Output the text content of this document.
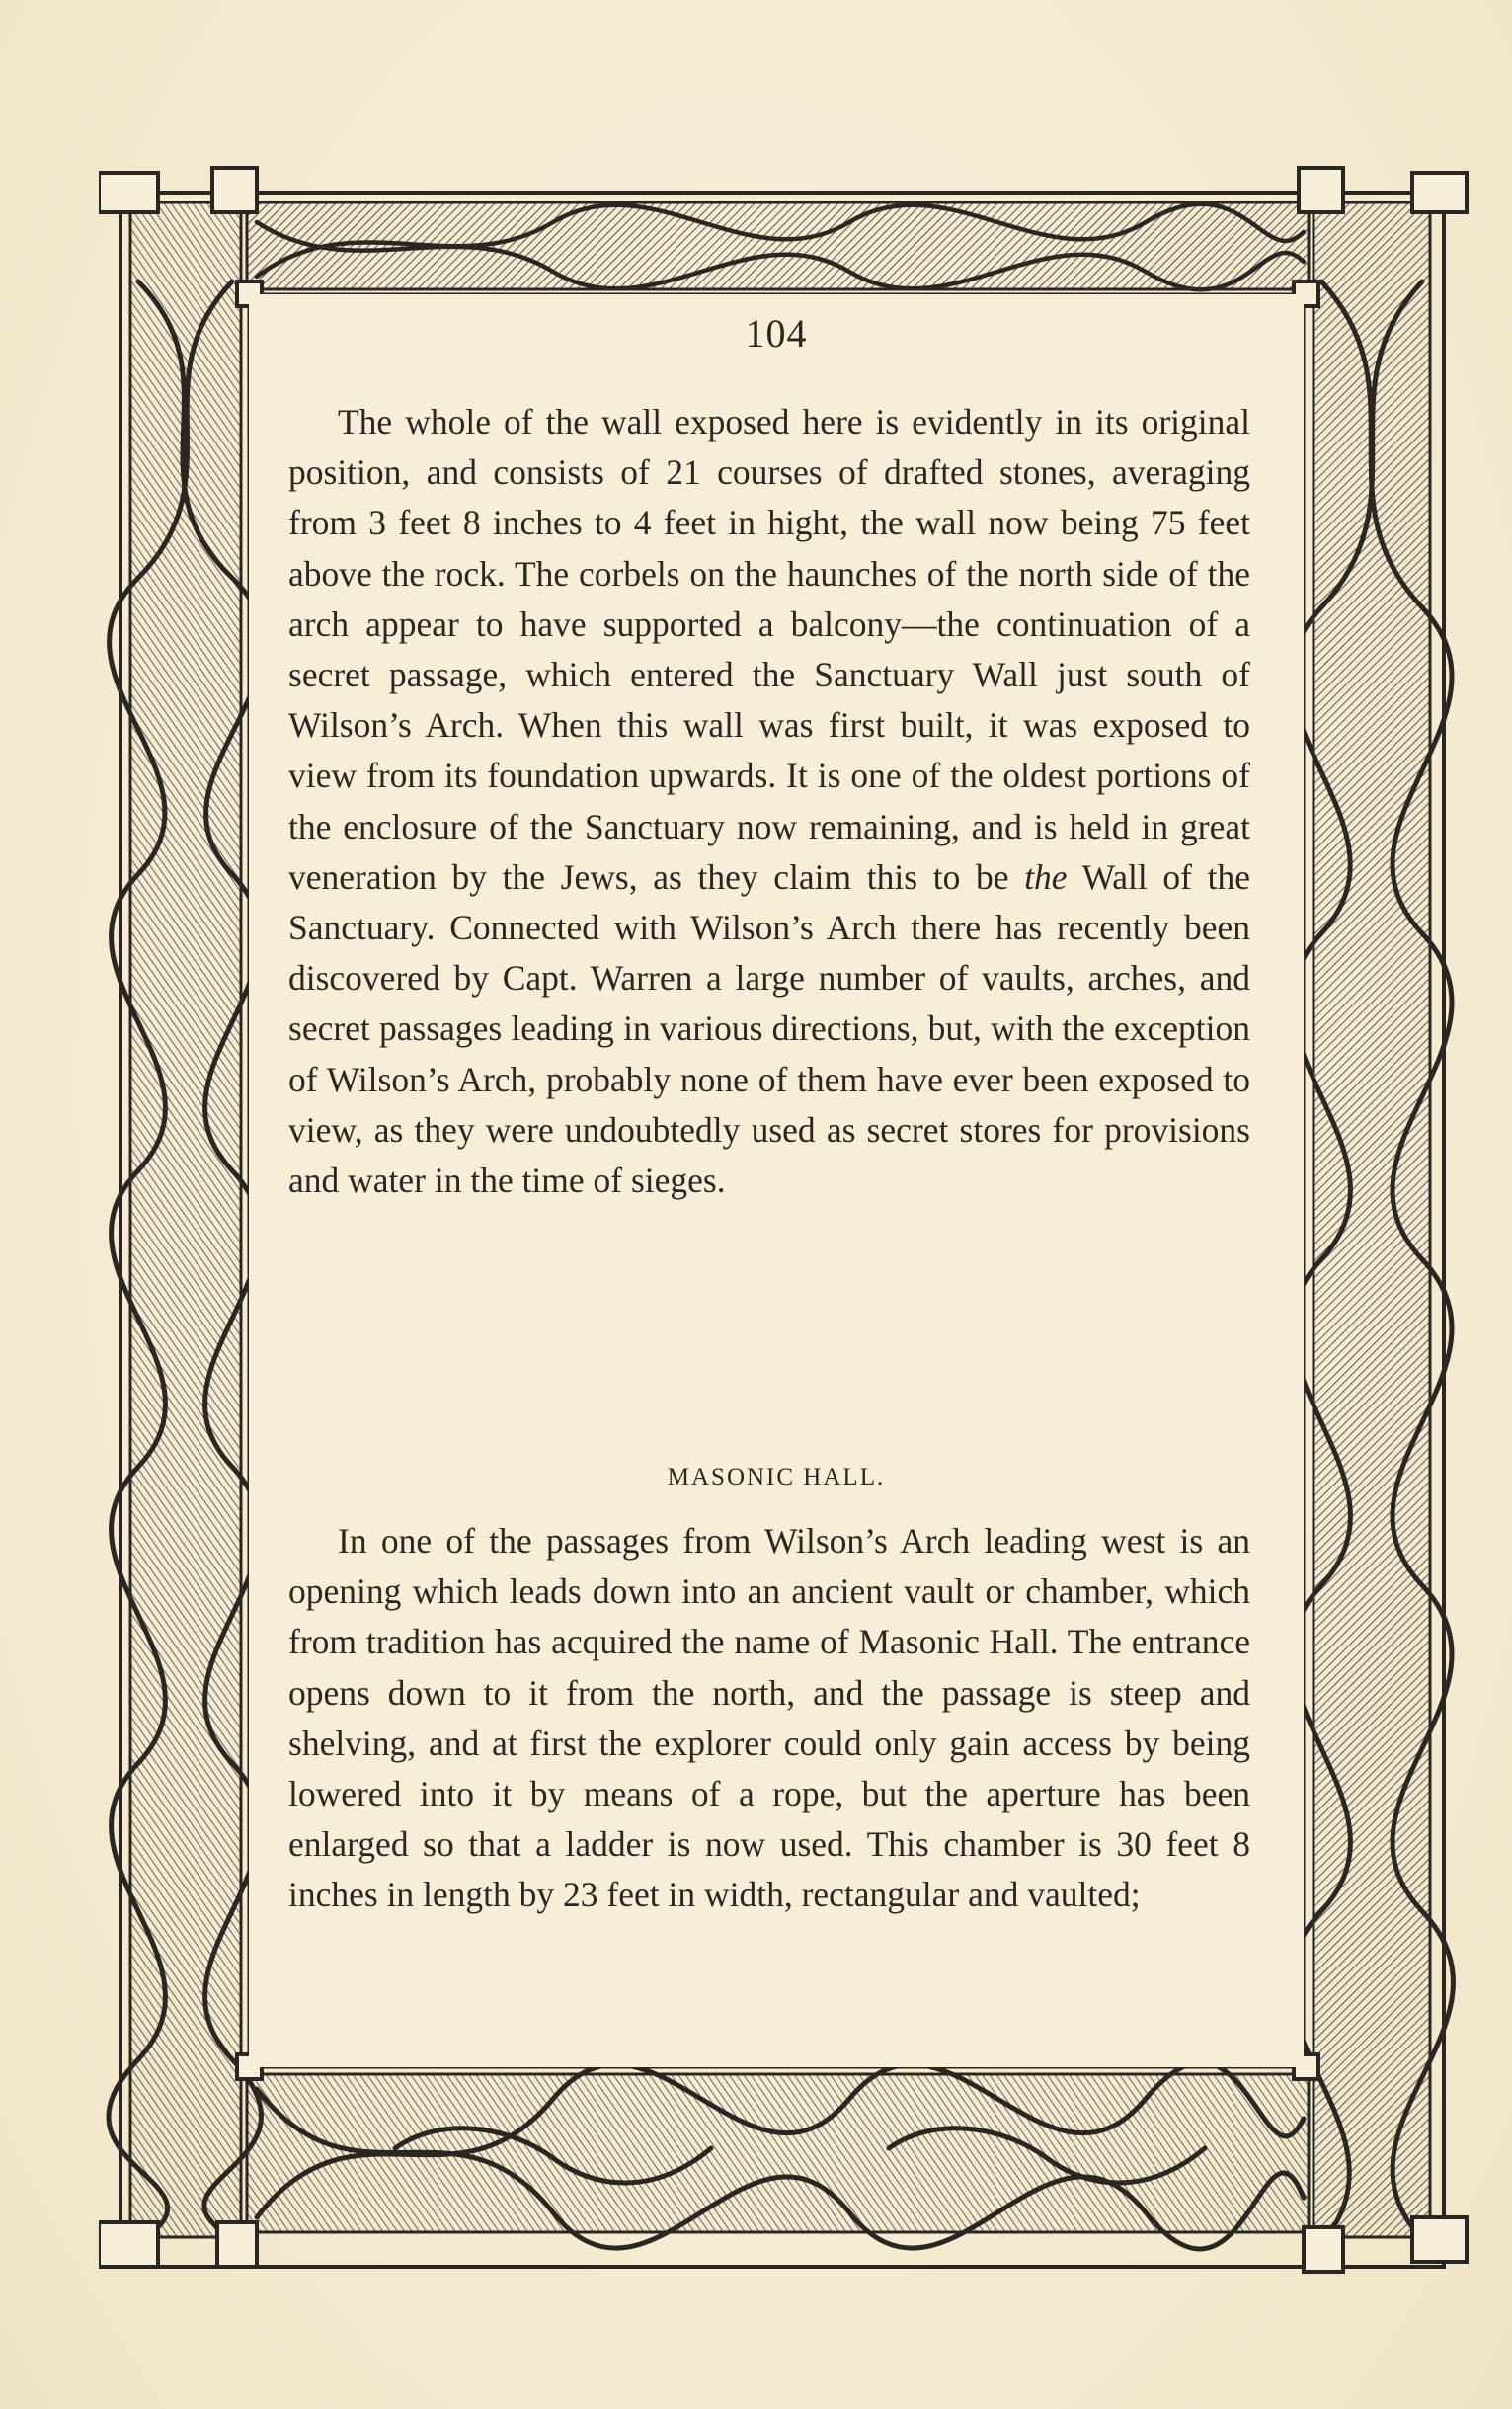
104

The whole of the wall exposed here is evidently in its original position, and consists of 21 courses of drafted stones, averaging from 3 feet 8 inches to 4 feet in hight, the wall now being 75 feet above the rock. The corbels on the haunches of the north side of the arch appear to have supported a balcony—the continuation of a secret passage, which entered the Sanctuary Wall just south of Wilson’s Arch. When this wall was first built, it was exposed to view from its foundation upwards. It is one of the oldest portions of the enclosure of the Sanctuary now remaining, and is held in great veneration by the Jews, as they claim this to be the Wall of the Sanctuary. Connected with Wilson’s Arch there has recently been discovered by Capt. Warren a large number of vaults, arches, and secret passages leading in various directions, but, with the exception of Wilson’s Arch, probably none of them have ever been exposed to view, as they were undoubtedly used as secret stores for provisions and water in the time of sieges.

MASONIC HALL.

In one of the passages from Wilson’s Arch leading west is an opening which leads down into an ancient vault or chamber, which from tradition has acquired the name of Masonic Hall. The entrance opens down to it from the north, and the passage is steep and shelving, and at first the explorer could only gain access by being lowered into it by means of a rope, but the aperture has been enlarged so that a ladder is now used. This chamber is 30 feet 8 inches in length by 23 feet in width, rectangular and vaulted;
